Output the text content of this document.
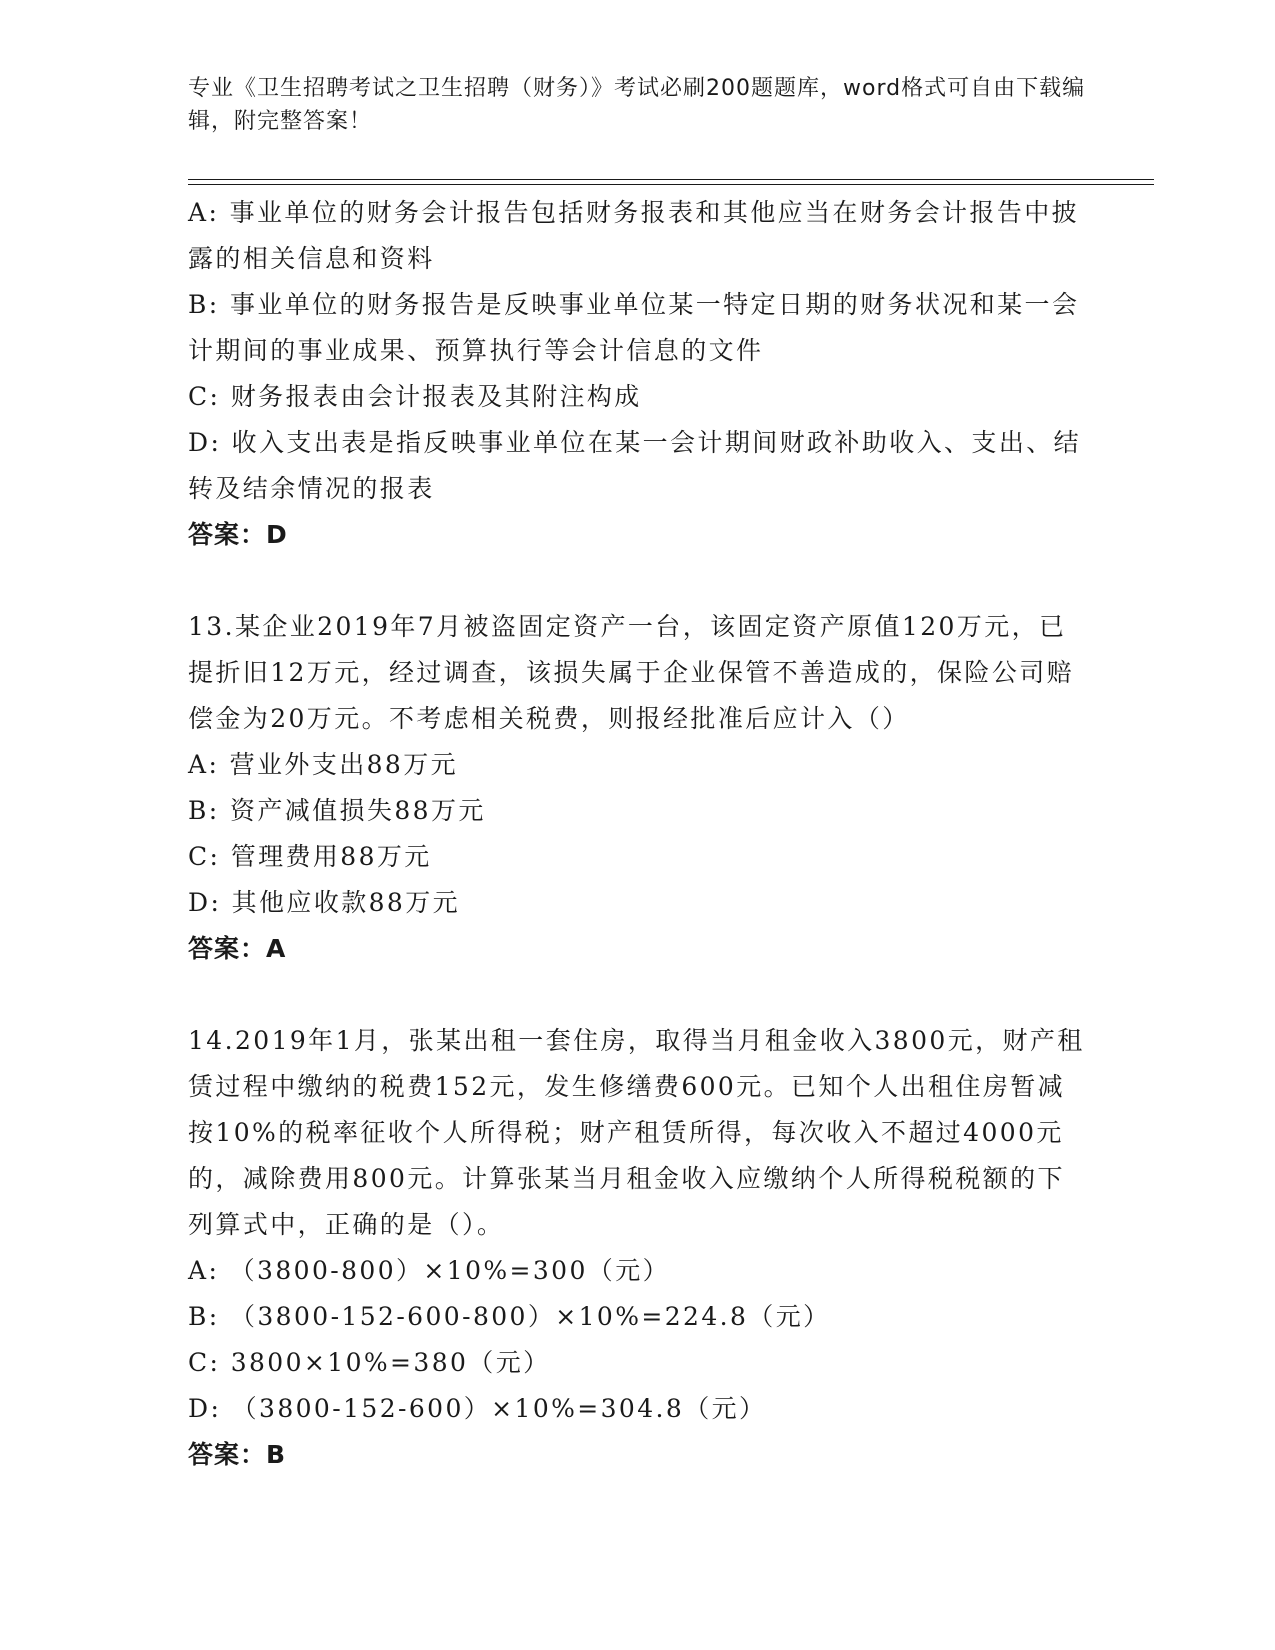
专业《卫生招聘考试之卫生招聘（财务）》考试必刷200题题库，word格式可自由下载编辑，附完整答案！

A: 事业单位的财务会计报告包括财务报表和其他应当在财务会计报告中披露的相关信息和资料

B: 事业单位的财务报告是反映事业单位某一特定日期的财务状况和某一会计期间的事业成果、预算执行等会计信息的文件

C: 财务报表由会计报表及其附注构成

D: 收入支出表是指反映事业单位在某一会计期间财政补助收入、支出、结转及结余情况的报表

答案：D

13.某企业2019年7月被盗固定资产一台，该固定资产原值120万元，已提折旧12万元，经过调查，该损失属于企业保管不善造成的，保险公司赔偿金为20万元。不考虑相关税费，则报经批准后应计入（）

A: 营业外支出88万元

B: 资产减值损失88万元

C: 管理费用88万元

D: 其他应收款88万元

答案：A

14.2019年1月，张某出租一套住房，取得当月租金收入3800元，财产租赁过程中缴纳的税费152元，发生修缮费600元。已知个人出租住房暂减按10%的税率征收个人所得税；财产租赁所得，每次收入不超过4000元的，减除费用800元。计算张某当月租金收入应缴纳个人所得税税额的下列算式中，正确的是（）。

A: （3800-800）×10%=300（元）

B: （3800-152-600-800）×10%=224.8（元）

C: 3800×10%=380（元）

D: （3800-152-600）×10%=304.8（元）

答案：B
